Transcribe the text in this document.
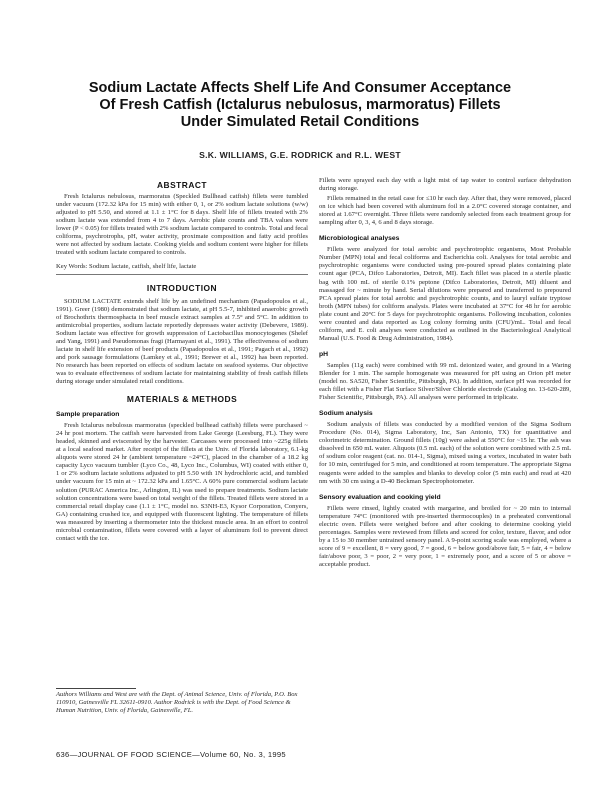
Sodium Lactate Affects Shelf Life And Consumer Acceptance
Of Fresh Catfish (Ictalurus nebulosus, marmoratus) Fillets
Under Simulated Retail Conditions
S.K. WILLIAMS, G.E. RODRICK and R.L. WEST
ABSTRACT

Fresh Ictalurus nebulosus, marmoratus (Speckled Bullhead catfish) fillets were tumbled under vacuum (172.32 kPa for 15 min) with either 0, 1, or 2% sodium lactate solutions (w/w) adjusted to pH 5.50, and stored at 1.1 ± 1°C for 8 days. Shelf life of fillets treated with 2% sodium lactate was extended from 4 to 7 days. Aerobic plate counts and TBA values were lower (P < 0.05) for fillets treated with 2% sodium lactate compared to controls. Total and fecal coliforms, psychrotrophs, pH, water activity, proximate composition and fatty acid profiles were not affected by sodium lactate. Cooking yields and sodium content were higher for fillets treated with sodium lactate compared to controls.

Key Words: Sodium lactate, catfish, shelf life, lactate

INTRODUCTION

SODIUM LACTATE extends shelf life by an undefined mechanism (Papadopoulos et al., 1991). Greer (1980) demonstrated that sodium lactate, at pH 5.5-7, inhibited anaerobic growth of Brochothrix thermosphacta in beef muscle extract samples at 7.5° and 5°C. In addition to antimicrobial properties, sodium lactate reportedly depresses water activity (Debevere, 1989). Sodium lactate was effective for growth suppression of Lactobacillus monocytogenes (Shelef and Yang, 1991) and Pseudomonas fragi (Harmayani et al., 1991). The effectiveness of sodium lactate in shelf life extension of beef products (Papadopoulos et al., 1991; Pagach et al., 1992) and pork sausage formulations (Lamkey et al., 1991; Brewer et al., 1992) has been reported. No research has been reported on effects of sodium lactate on seafood systems. Our objective was to evaluate effectiveness of sodium lactate for maintaining stability of fresh catfish fillets during storage under simulated retail conditions.

MATERIALS & METHODS
Sample preparation

Fresh Ictalurus nebulosus marmoratus (speckled bullhead catfish) fillets were purchased ~ 24 hr post mortem. The catfish were harvested from Lake George (Leesburg, FL). They were headed, skinned and eviscerated by the harvester. Carcasses were processed into ~225g fillets at a local seafood market. After receipt of the fillets at the Univ. of Florida laboratory, 6.1-kg aliquots were stored 24 hr (ambient temperature ~24°C), placed in the chamber of a 18.2 kg capacity Lyco vacuum tumbler (Lyco Co., 48, Lyco Inc., Columbus, WI) coated with either 0, 1 or 2% sodium lactate solutions adjusted to pH 5.50 with 1N hydrochloric acid, and tumbled under vacuum for 15 min at ~ 172.32 kPa and 1.65°C. A 60% pure commercial sodium lactate solution (PURAC America Inc., Arlington, IL) was used to prepare treatments. Sodium lactate solution concentrations were based on total weight of the fillets. Treated fillets were stored in a commercial retail display case (1.1 ± 1°C, model no. S3NH-E3, Kysor Corporation, Conyers, GA) containing crushed ice, and equipped with fluorescent lighting. The temperature of fillets was measured by inserting a thermometer into the thickest muscle area. In an effort to control microbial contamination, fillets were covered with a layer of aluminum foil to prevent direct contact with the ice.

Authors Williams and West are with the Dept. of Animal Science, Univ. of Florida, P.O. Box 110910, Gainesville FL 32611-0910. Author Rodrick is with the Dept. of Food Science & Human Nutrition, Univ. of Florida, Gainesville, FL.

Fillets were sprayed each day with a light mist of tap water to control surface dehydration during storage.

Fillets remained in the retail case for ≤10 hr each day. After that, they were removed, placed on ice which had been covered with aluminum foil in a 2.0°C covered storage container, and stored at 1.67°C overnight. Three fillets were randomly selected from each treatment group for sampling after 0, 3, 4, 6 and 8 days storage.

Microbiological analyses

Fillets were analyzed for total aerobic and psychrotrophic organisms, Most Probable Number (MPN) total and fecal coliforms and Escherichia coli. Analyses for total aerobic and psychrotrophic organisms were conducted using pre-poured spread plates containing plate count agar (PCA, Difco Laboratories, Detroit, MI). Each fillet was placed in a sterile plastic bag with 100 mL of sterile 0.1% peptone (Difco Laboratories, Detroit, MI) diluent and massaged for ~ minute by hand. Serial dilutions were prepared and transferred to prepoured PCA spread plates for total aerobic and psychrotrophic counts, and to lauryl sulfate tryptose broth (MPN tubes) for coliform analysis. Plates were incubated at 37°C for 48 hr for aerobic plate count and 20°C for 5 days for psychrotrophic organisms. Following incubation, colonies were counted and data reported as Log colony forming units (CFU)/mL. Total and fecal coliform, and E. coli analyses were conducted as outlined in the Bacteriological Analytical Manual (U.S. Food & Drug Administration, 1984).

pH

Samples (11g each) were combined with 99 mL deionized water, and ground in a Waring Blender for 1 min. The sample homogenate was measured for pH using an Orion pH meter (model no. SA520, Fisher Scientific, Pittsburgh, PA). In addition, surface pH was recorded for each fillet with a Fisher Flat Surface Silver/Silver Chloride electrode (Catalog no. 13-620-289, Fisher Scientific, Pittsburgh, PA). All analyses were performed in triplicate.

Sodium analysis

Sodium analysis of fillets was conducted by a modified version of the Sigma Sodium Procedure (No. 014), Sigma Laboratory, Inc, San Antonio, TX) for quantitative and colorimetric determination. Ground fillets (10g) were ashed at 550°C for ~15 hr. The ash was dissolved in 650 mL water. Aliquots (0.5 mL each) of the solution were combined with 2.5 mL of sodium color reagent (cat. no. 014-1, Sigma), mixed using a vortex, incubated in water bath for 10 min, centrifuged for 5 min, and conditioned at room temperature. The appropriate Sigma reagents were added to the samples and blanks to develop color (5 min each) and read at 420 nm with 30 cm using a D-40 Beckman Spectrophotometer.

Sensory evaluation and cooking yield

Fillets were rinsed, lightly coated with margarine, and broiled for ~ 20 min to internal temperature 74°C (monitored with pre-inserted thermocouples) in a preheated conventional electric oven. Fillets were weighed before and after cooking to determine cooking yield percentages. Samples were reviewed from fillets and scored for color, texture, flavor, and odor by a 15 to 30 member untrained sensory panel. A 9-point scoring scale was employed, where a score of 9 = excellent, 8 = very good, 7 = good, 6 = below good/above fair, 5 = fair, 4 = below fair/above poor, 3 = poor, 2 = very poor, 1 = extremely poor, and a score of 5 or above = acceptable product.

636—JOURNAL OF FOOD SCIENCE—Volume 60, No. 3, 1995
